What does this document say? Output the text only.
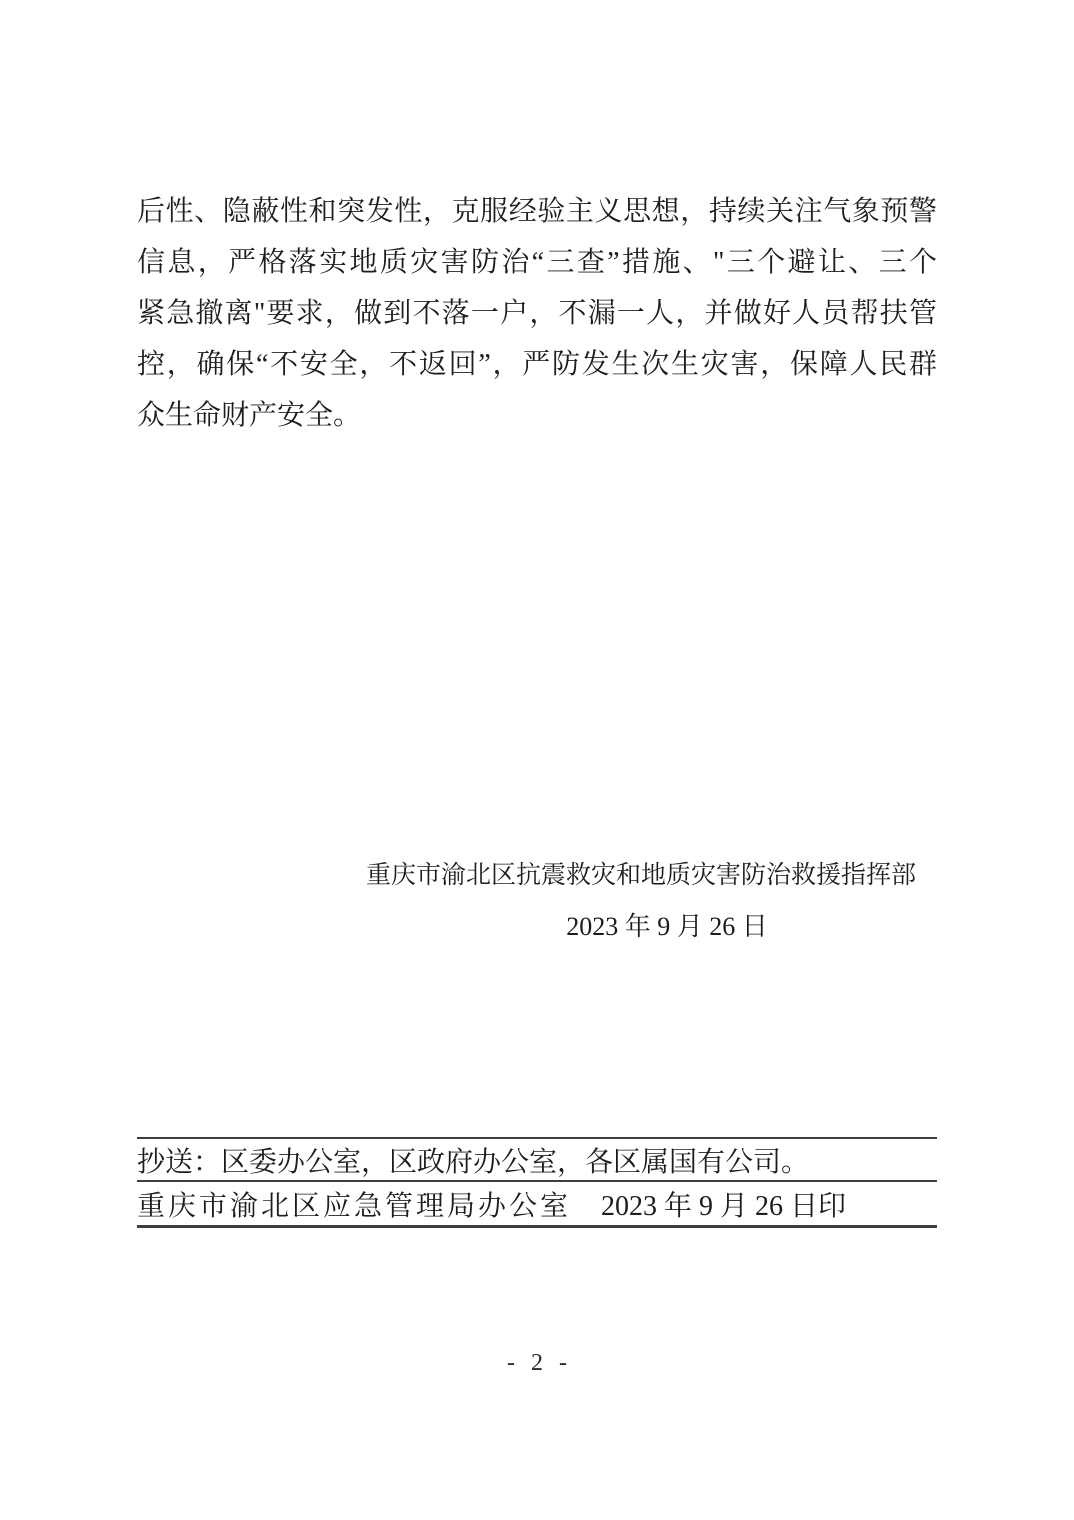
后性、隐蔽性和突发性，克服经验主义思想，持续关注气象预警
信息，严格落实地质灾害防治“三查”措施、"三个避让、三个
紧急撤离"要求，做到不落一户，不漏一人，并做好人员帮扶管
控，确保“不安全，不返回”，严防发生次生灾害，保障人民群
众生命财产安全。
重庆市渝北区抗震救灾和地质灾害防治救援指挥部
2023 年 9 月 26 日
抄送：区委办公室，区政府办公室，各区属国有公司。
重庆市渝北区应急管理局办公室 2023 年 9 月 26 日印
- 2 -
